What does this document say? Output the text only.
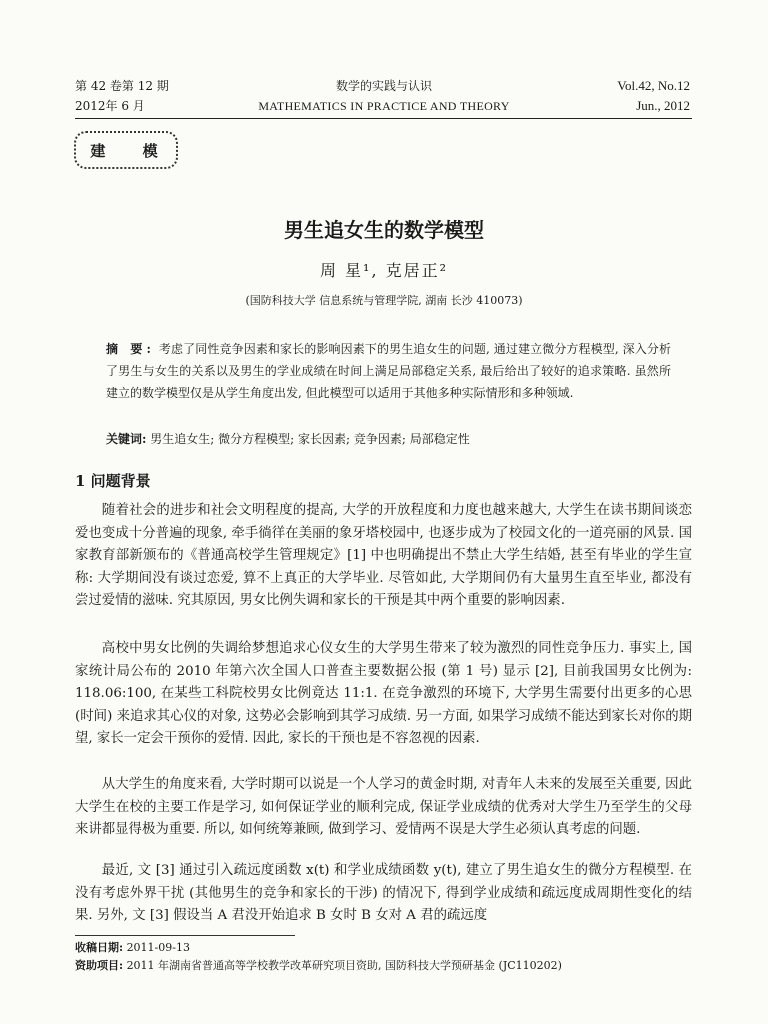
第 42 卷第 12 期
2012年 6 月
数学的实践与认识
MATHEMATICS IN PRACTICE AND THEORY
Vol.42, No.12
Jun., 2012
建 模
男生追女生的数学模型
周 星¹, 克居正²
(国防科技大学 信息系统与管理学院, 湖南 长沙 410073)
摘 要: 考虑了同性竞争因素和家长的影响因素下的男生追女生的问题, 通过建立微分方程模型, 深入分析了男生与女生的关系以及男生的学业成绩在时间上满足局部稳定关系, 最后给出了较好的追求策略. 虽然所建立的数学模型仅是从学生角度出发, 但此模型可以适用于其他多种实际情形和多种领域.
关键词: 男生追女生; 微分方程模型; 家长因素; 竞争因素; 局部稳定性
1 问题背景
随着社会的进步和社会文明程度的提高, 大学的开放程度和力度也越来越大, 大学生在读书期间谈恋爱也变成十分普遍的现象, 牵手徜徉在美丽的象牙塔校园中, 也逐步成为了校园文化的一道亮丽的风景. 国家教育部新颁布的《普通高校学生管理规定》[1] 中也明确提出不禁止大学生结婚, 甚至有毕业的学生宣称: 大学期间没有谈过恋爱, 算不上真正的大学毕业. 尽管如此, 大学期间仍有大量男生直至毕业, 都没有尝过爱情的滋味. 究其原因, 男女比例失调和家长的干预是其中两个重要的影响因素.
高校中男女比例的失调给梦想追求心仪女生的大学男生带来了较为激烈的同性竞争压力. 事实上, 国家统计局公布的 2010 年第六次全国人口普查主要数据公报 (第 1 号) 显示 [2], 目前我国男女比例为: 118.06:100, 在某些工科院校男女比例竟达 11:1. 在竞争激烈的环境下, 大学男生需要付出更多的心思 (时间) 来追求其心仪的对象, 这势必会影响到其学习成绩. 另一方面, 如果学习成绩不能达到家长对你的期望, 家长一定会干预你的爱情. 因此, 家长的干预也是不容忽视的因素.
从大学生的角度来看, 大学时期可以说是一个人学习的黄金时期, 对青年人未来的发展至关重要, 因此大学生在校的主要工作是学习, 如何保证学业的顺利完成, 保证学业成绩的优秀对大学生乃至学生的父母来讲都显得极为重要. 所以, 如何统筹兼顾, 做到学习、爱情两不误是大学生必须认真考虑的问题.
最近, 文 [3] 通过引入疏远度函数 x(t) 和学业成绩函数 y(t), 建立了男生追女生的微分方程模型. 在没有考虑外界干扰 (其他男生的竞争和家长的干涉) 的情况下, 得到学业成绩和疏远度成周期性变化的结果. 另外, 文 [3] 假设当 A 君没开始追求 B 女时 B 女对 A 君的疏远度
收稿日期: 2011-09-13
资助项目: 2011 年湖南省普通高等学校教学改革研究项目资助, 国防科技大学预研基金 (JC110202)
